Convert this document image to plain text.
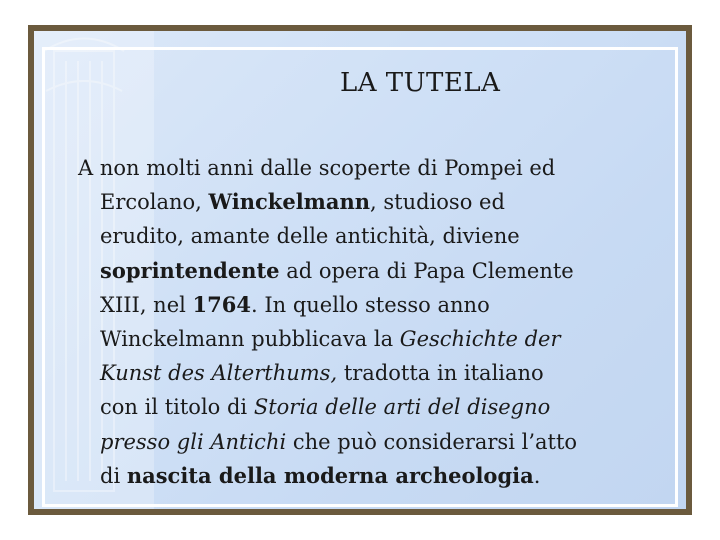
LA TUTELA
A non molti anni dalle scoperte di Pompei ed
Ercolano, Winckelmann, studioso ed
erudito, amante delle antichità, diviene
soprintendente ad opera di Papa Clemente
XIII, nel 1764. In quello stesso anno
Winckelmann pubblicava la Geschichte der
Kunst des Alterthums, tradotta in italiano
con il titolo di Storia delle arti del disegno
presso gli Antichi che può considerarsi l’atto
di nascita della moderna archeologia.
